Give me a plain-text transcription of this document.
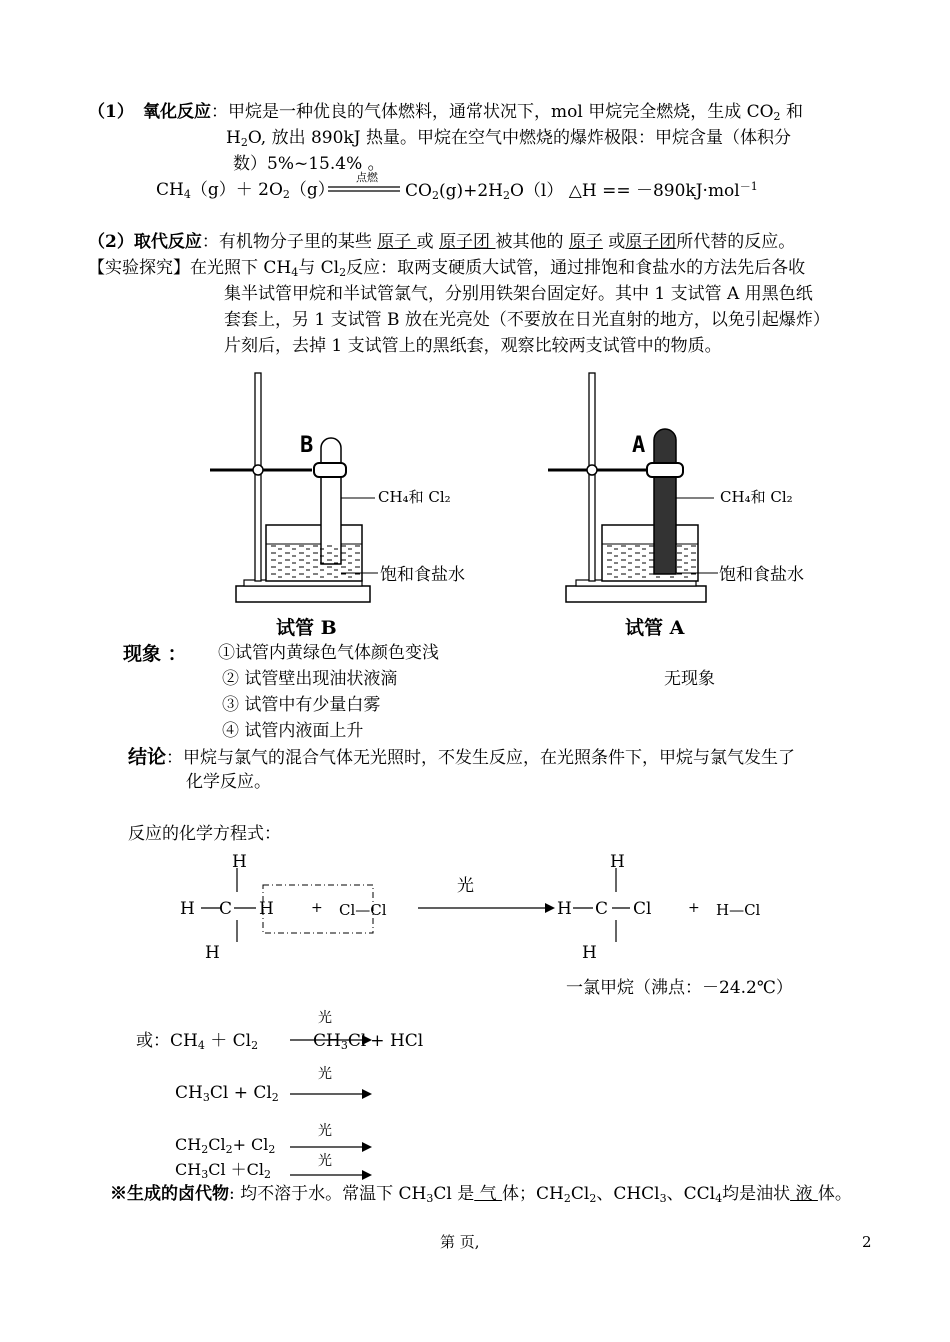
（1） 氧化反应：甲烷是一种优良的气体燃料，通常状况下，mol 甲烷完全燃烧，生成 $CO_2$ 和
$H_2O$, 放出 890kJ 热量。甲烷在空气中燃烧的爆炸极限：甲烷含量（体积分
数）5%~15.4% 。
$CH_4(g)+ 2O_2(g)$
点燃
$CO_2(g)+2H_2O(l)$ △H == －890kJ·mol$^{-1}$
（2）取代反应：有机物分子里的某些 原子 或 原子团 被其他的 原子 或原子团所代替的反应。
【实验探究】在光照下 $CH_4$与 $Cl_2$反应：取两支硬质大试管，通过排饱和食盐水的方法先后各收
集半试管甲烷和半试管氯气，分别用铁架台固定好。其中 1 支试管 A 用黑色纸
套套上，另 1 支试管 B 放在光亮处（不要放在日光直射的地方，以免引起爆炸）
片刻后，去掉 1 支试管上的黑纸套，观察比较两支试管中的物质。
B	A
CH₄和 Cl₂	CH₄和 Cl₂
饱和食盐水	饱和食盐水
试管 B	试管 A
现象 ： ①试管内黄绿色气体颜色变浅
② 试管壁出现油状液滴
③ 试管中有少量白雾
④ 试管内液面上升
无现象
结论：甲烷与氯气的混合气体无光照时，不发生反应，在光照条件下，甲烷与氯气发生了
化学反应。
反应的化学方程式：
H
H C H
H
+ Cl—Cl
光
H
H C Cl
H
+ H—Cl
一氯甲烷（沸点：－24.2℃）
或：$CH_4 + Cl_2$
光
$CH_3Cl$ + HCl
$CH_3Cl + Cl_2$
光
$CH_2Cl_2+ Cl_2$
光
$CH_3Cl +Cl_2$
光
※生成的卤代物: 均不溶于水。常温下 $CH_3Cl$ 是 气 体；$CH_2Cl_2$、CHCl$_3$、CCl$_4$均是油状 液 体。
第 页,	2
